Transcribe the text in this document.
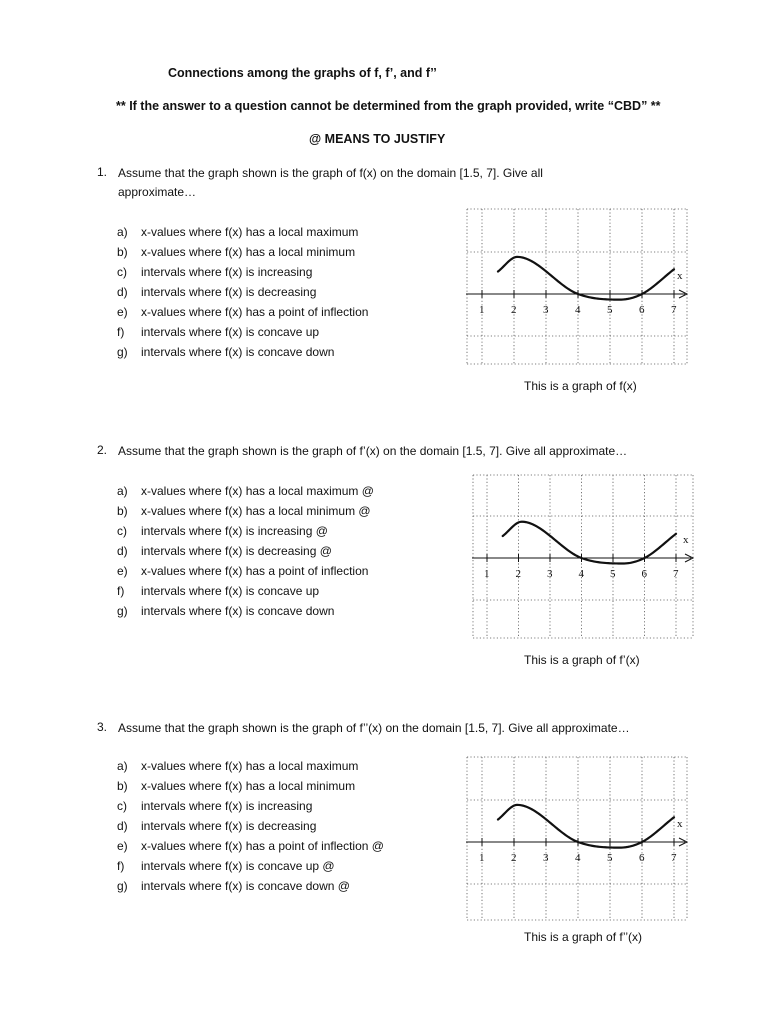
Connections among the graphs of f, f’, and f’’
** If the answer to a question cannot be determined from the graph provided, write “CBD” **
@ MEANS TO JUSTIFY
1. Assume that the graph shown is the graph of f(x) on the domain [1.5, 7]. Give all
approximate…
a)	x-values where f(x) has a local maximum
b)	x-values where f(x) has a local minimum
c)	intervals where f(x) is increasing
d)	intervals where f(x) is decreasing
e)	x-values where f(x) has a point of inflection
f)	intervals where f(x) is concave up
g)	intervals where f(x) is concave down
1 2 3 4 5 6 7
x
This is a graph of f(x)
2. Assume that the graph shown is the graph of f’(x) on the domain [1.5, 7]. Give all approximate…
a)	x-values where f(x) has a local maximum @
b)	x-values where f(x) has a local minimum @
c)	intervals where f(x) is increasing @
d)	intervals where f(x) is decreasing @
e)	x-values where f(x) has a point of inflection
f)	intervals where f(x) is concave up
g)	intervals where f(x) is concave down
1 2 3 4 5 6 7
x
This is a graph of f’(x)
3. Assume that the graph shown is the graph of f’’(x) on the domain [1.5, 7]. Give all approximate…
a)	x-values where f(x) has a local maximum
b)	x-values where f(x) has a local minimum
c)	intervals where f(x) is increasing
d)	intervals where f(x) is decreasing
e)	x-values where f(x) has a point of inflection @
f)	intervals where f(x) is concave up @
g)	intervals where f(x) is concave down @
1 2 3 4 5 6 7
x
This is a graph of f’’(x)
